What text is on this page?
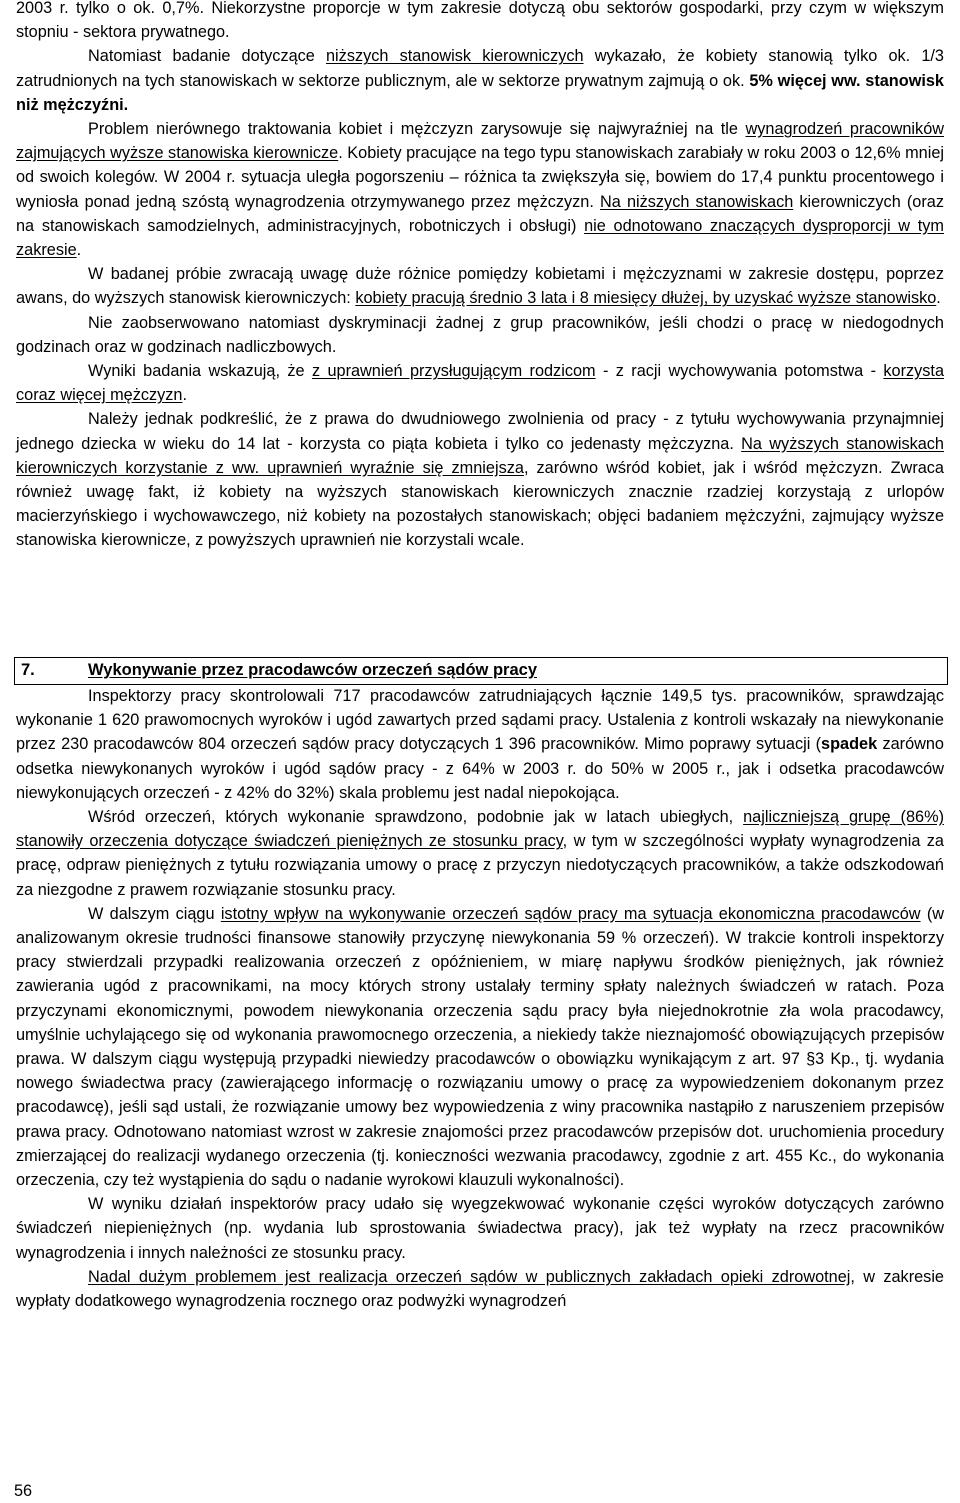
2003 r. tylko o ok. 0,7%. Niekorzystne proporcje w tym zakresie dotyczą obu sektorów gospodarki, przy czym w większym stopniu - sektora prywatnego.

Natomiast badanie dotyczące niższych stanowisk kierowniczych wykazało, że kobiety stanowią tylko ok. 1/3 zatrudnionych na tych stanowiskach w sektorze publicznym, ale w sektorze prywatnym zajmują o ok. 5% więcej ww. stanowisk niż mężczyźni.

Problem nierównego traktowania kobiet i mężczyzn zarysowuje się najwyraźniej na tle wynagrodzeń pracowników zajmujących wyższe stanowiska kierownicze. Kobiety pracujące na tego typu stanowiskach zarabiały w roku 2003 o 12,6% mniej od swoich kolegów. W 2004 r. sytuacja uległa pogorszeniu – różnica ta zwiększyła się, bowiem do 17,4 punktu procentowego i wyniosła ponad jedną szóstą wynagrodzenia otrzymywanego przez mężczyzn. Na niższych stanowiskach kierowniczych (oraz na stanowiskach samodzielnych, administracyjnych, robotniczych i obsługi) nie odnotowano znaczących dysproporcji w tym zakresie.

W badanej próbie zwracają uwagę duże różnice pomiędzy kobietami i mężczyznami w zakresie dostępu, poprzez awans, do wyższych stanowisk kierowniczych: kobiety pracują średnio 3 lata i 8 miesięcy dłużej, by uzyskać wyższe stanowisko.

Nie zaobserwowano natomiast dyskryminacji żadnej z grup pracowników, jeśli chodzi o pracę w niedogodnych godzinach oraz w godzinach nadliczbowych.

Wyniki badania wskazują, że z uprawnień przysługującym rodzicom - z racji wychowywania potomstwa - korzysta coraz więcej mężczyzn.

Należy jednak podkreślić, że z prawa do dwudniowego zwolnienia od pracy - z tytułu wychowywania przynajmniej jednego dziecka w wieku do 14 lat - korzysta co piąta kobieta i tylko co jedenasty mężczyzna. Na wyższych stanowiskach kierowniczych korzystanie z ww. uprawnień wyraźnie się zmniejsza, zarówno wśród kobiet, jak i wśród mężczyzn. Zwraca również uwagę fakt, iż kobiety na wyższych stanowiskach kierowniczych znacznie rzadziej korzystają z urlopów macierzyńskiego i wychowawczego, niż kobiety na pozostałych stanowiskach; objęci badaniem mężczyźni, zajmujący wyższe stanowiska kierownicze, z powyższych uprawnień nie korzystali wcale.

7.	Wykonywanie przez pracodawców orzeczeń sądów pracy

Inspektorzy pracy skontrolowali 717 pracodawców zatrudniających łącznie 149,5 tys. pracowników, sprawdzając wykonanie 1 620 prawomocnych wyroków i ugód zawartych przed sądami pracy. Ustalenia z kontroli wskazały na niewykonanie przez 230 pracodawców 804 orzeczeń sądów pracy dotyczących 1 396 pracowników. Mimo poprawy sytuacji (spadek zarówno odsetka niewykonanych wyroków i ugód sądów pracy - z 64% w 2003 r. do 50% w 2005 r., jak i odsetka pracodawców niewykonujących orzeczeń - z 42% do 32%) skala problemu jest nadal niepokojąca.

Wśród orzeczeń, których wykonanie sprawdzono, podobnie jak w latach ubiegłych, najliczniejszą grupę (86%) stanowiły orzeczenia dotyczące świadczeń pieniężnych ze stosunku pracy, w tym w szczególności wypłaty wynagrodzenia za pracę, odpraw pieniężnych z tytułu rozwiązania umowy o pracę z przyczyn niedotyczących pracowników, a także odszkodowań za niezgodne z prawem rozwiązanie stosunku pracy.

W dalszym ciągu istotny wpływ na wykonywanie orzeczeń sądów pracy ma sytuacja ekonomiczna pracodawców (w analizowanym okresie trudności finansowe stanowiły przyczynę niewykonania 59 % orzeczeń). W trakcie kontroli inspektorzy pracy stwierdzali przypadki realizowania orzeczeń z opóźnieniem, w miarę napływu środków pieniężnych, jak również zawierania ugód z pracownikami, na mocy których strony ustalały terminy spłaty należnych świadczeń w ratach. Poza przyczynami ekonomicznymi, powodem niewykonania orzeczenia sądu pracy była niejednokrotnie zła wola pracodawcy, umyślnie uchylającego się od wykonania prawomocnego orzeczenia, a niekiedy także nieznajomość obowiązujących przepisów prawa. W dalszym ciągu występują przypadki niewiedzy pracodawców o obowiązku wynikającym z art. 97 §3 Kp., tj. wydania nowego świadectwa pracy (zawierającego informację o rozwiązaniu umowy o pracę za wypowiedzeniem dokonanym przez pracodawcę), jeśli sąd ustali, że rozwiązanie umowy bez wypowiedzenia z winy pracownika nastąpiło z naruszeniem przepisów prawa pracy. Odnotowano natomiast wzrost w zakresie znajomości przez pracodawców przepisów dot. uruchomienia procedury zmierzającej do realizacji wydanego orzeczenia (tj. konieczności wezwania pracodawcy, zgodnie z art. 455 Kc., do wykonania orzeczenia, czy też wystąpienia do sądu o nadanie wyrokowi klauzuli wykonalności).

W wyniku działań inspektorów pracy udało się wyegzekwować wykonanie części wyroków dotyczących zarówno świadczeń niepieniężnych (np. wydania lub sprostowania świadectwa pracy), jak też wypłaty na rzecz pracowników wynagrodzenia i innych należności ze stosunku pracy.

Nadal dużym problemem jest realizacja orzeczeń sądów w publicznych zakładach opieki zdrowotnej, w zakresie wypłaty dodatkowego wynagrodzenia rocznego oraz podwyżki wynagrodzeń

56
